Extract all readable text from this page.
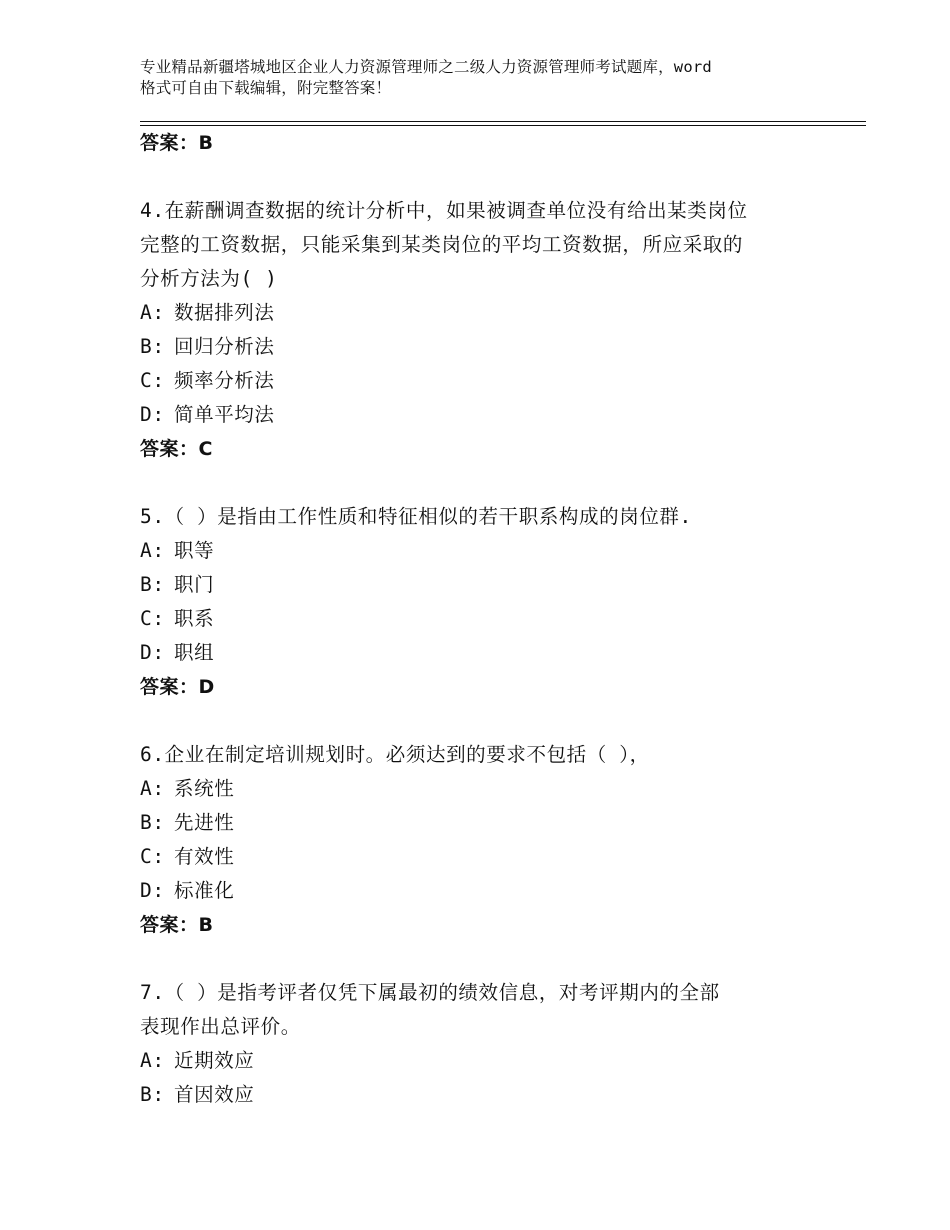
专业精品新疆塔城地区企业人力资源管理师之二级人力资源管理师考试题库，word
格式可自由下载编辑，附完整答案！
答案：B
4.在薪酬调查数据的统计分析中，如果被调查单位没有给出某类岗位
完整的工资数据，只能采集到某类岗位的平均工资数据，所应采取的
分析方法为( )
A: 数据排列法
B: 回归分析法
C: 频率分析法
D: 简单平均法
答案：C
5.（ ）是指由工作性质和特征相似的若干职系构成的岗位群.
A: 职等
B: 职门
C: 职系
D: 职组
答案：D
6.企业在制定培训规划时。必须达到的要求不包括（ ），
A: 系统性
B: 先进性
C: 有效性
D: 标准化
答案：B
7.（ ）是指考评者仅凭下属最初的绩效信息，对考评期内的全部
表现作出总评价。
A: 近期效应
B: 首因效应
